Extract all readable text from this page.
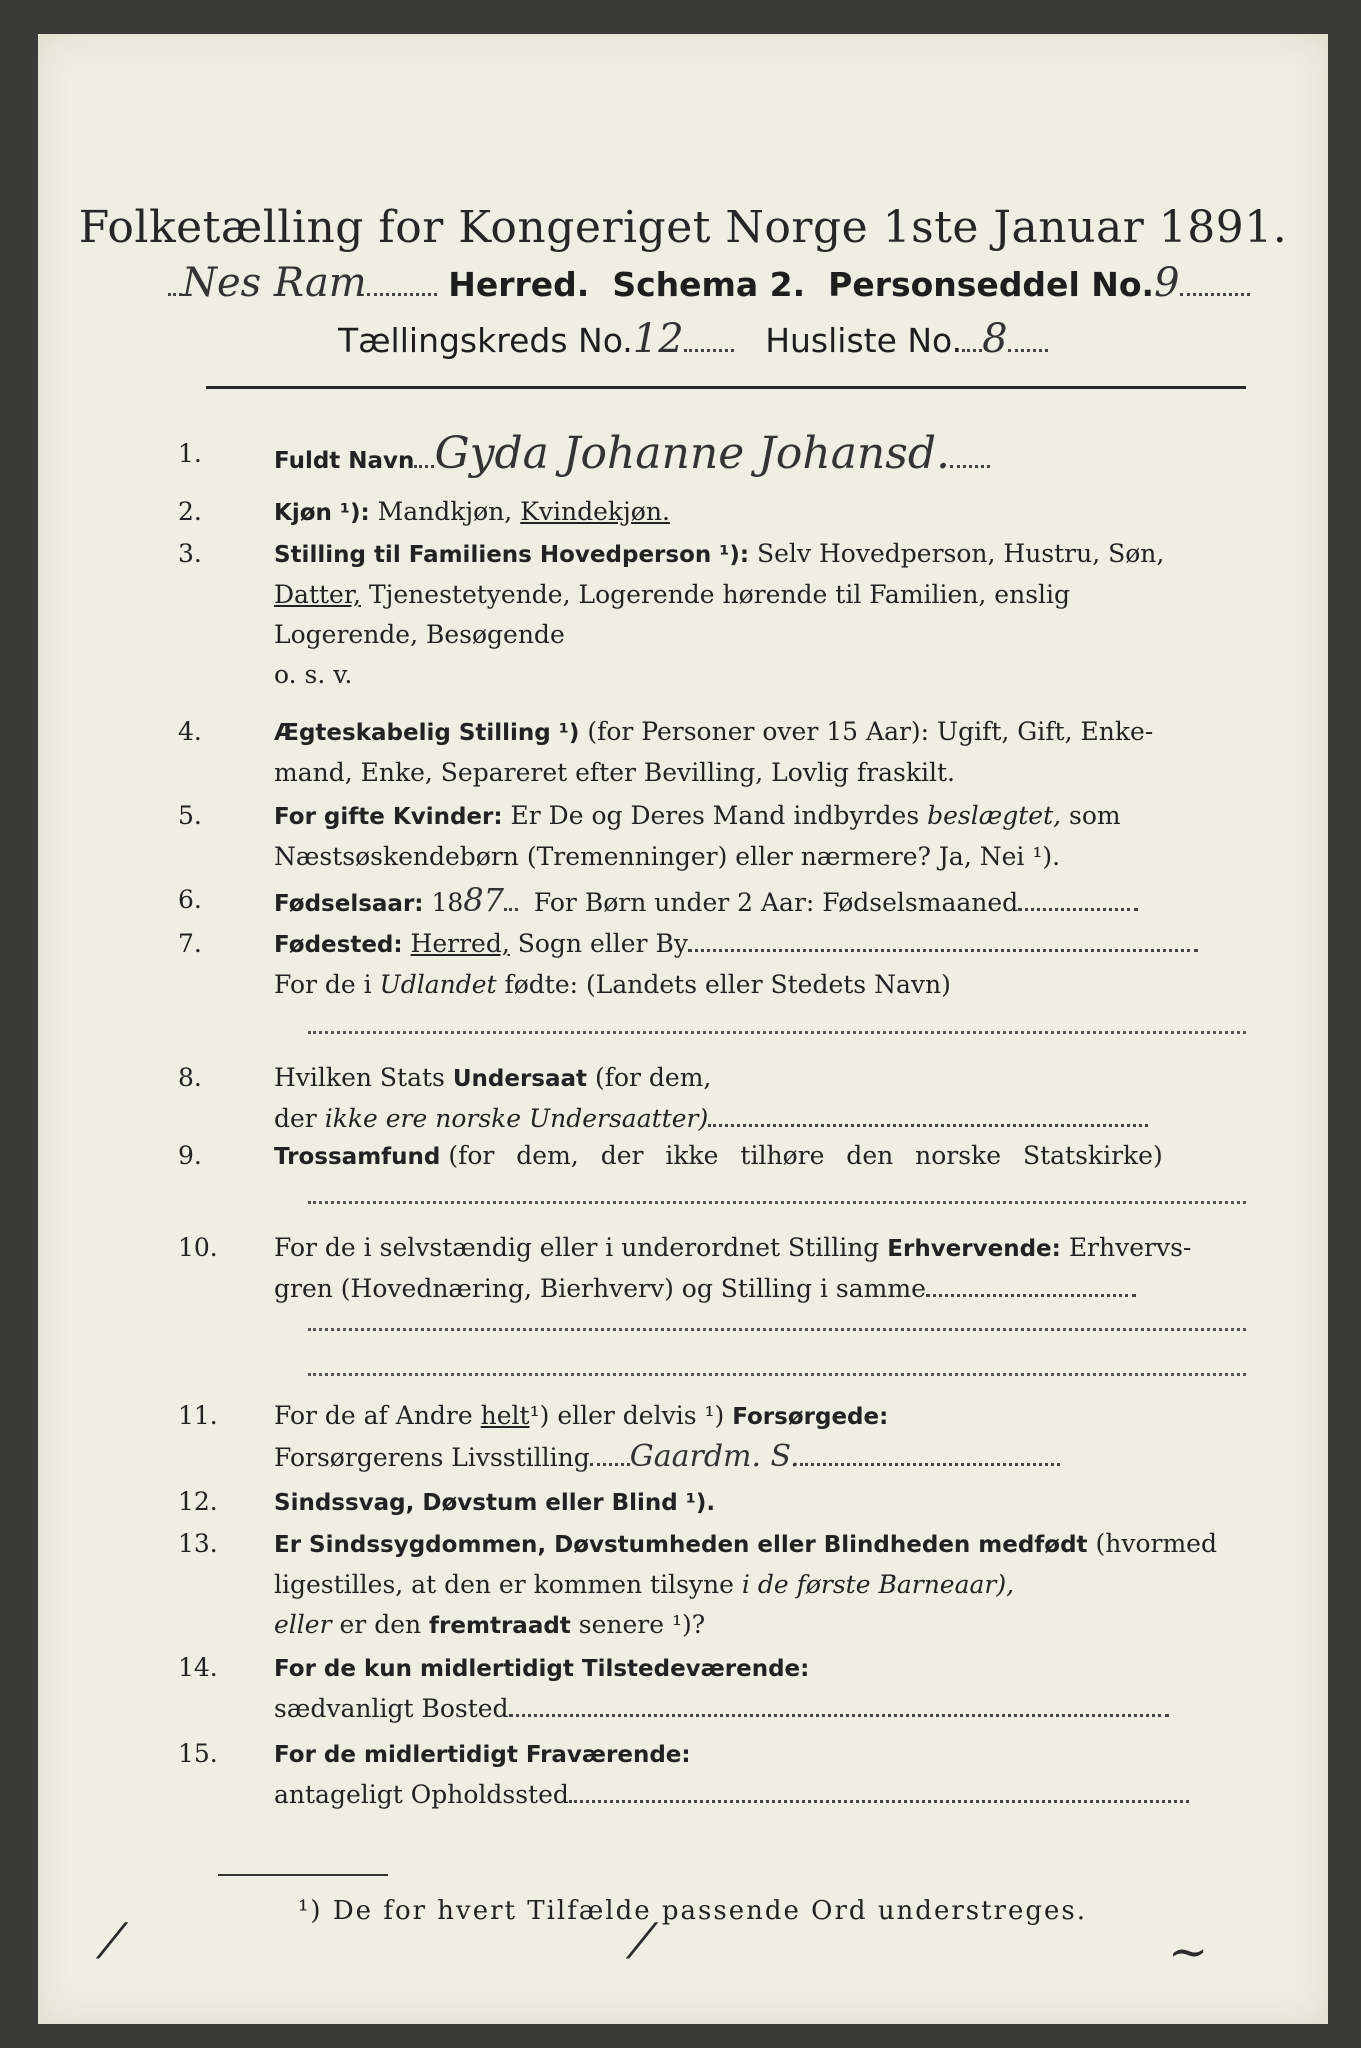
Folketælling for Kongeriget Norge 1ste Januar 1891.
Nes Ram Herred. Schema 2. Personseddel No.9
Tællingskreds No.12 Husliste No. 8
1.	Fuldt Navn Gyda Johanne Johansd.
2.	Kjøn ¹): Mandkjøn, Kvindekjøn.
3.	Stilling til Familiens Hovedperson ¹): Selv Hovedperson, Hustru, Søn,
Datter, Tjenestetyende, Logerende hørende til Familien, enslig
Logerende, Besøgende
o. s. v.
4.	Ægteskabelig Stilling ¹) (for Personer over 15 Aar): Ugift, Gift, Enke-
mand, Enke, Separeret efter Bevilling, Lovlig fraskilt.
5.	For gifte Kvinder: Er De og Deres Mand indbyrdes beslægtet, som
Næstsøskendebørn (Tremenninger) eller nærmere? Ja, Nei ¹).
6.	Fødselsaar: 1887 For Børn under 2 Aar: Fødselsmaaned
7.	Fødested: Herred, Sogn eller By
For de i Udlandet fødte: (Landets eller Stedets Navn)
8.	Hvilken Stats Undersaat (for dem,
der ikke ere norske Undersaatter)
9.	Trossamfund (for dem, der ikke tilhøre den norske Statskirke)
10.	For de i selvstændig eller i underordnet Stilling Erhvervende: Erhvervs-
gren (Hovednæring, Bierhverv) og Stilling i samme
11.	For de af Andre helt¹) eller delvis ¹) Forsørgede:
Forsørgerens Livsstilling Gaardm. S.
12.	Sindssvag, Døvstum eller Blind ¹).
13.	Er Sindssygdommen, Døvstumheden eller Blindheden medfødt (hvormed
ligestilles, at den er kommen tilsyne i de første Barneaar),
eller er den fremtraadt senere ¹)?
14.	For de kun midlertidigt Tilstedeværende:
sædvanligt Bosted
15.	For de midlertidigt Fraværende:
antageligt Opholdssted
¹) De for hvert Tilfælde passende Ord understreges.
⁄	⁄	~
